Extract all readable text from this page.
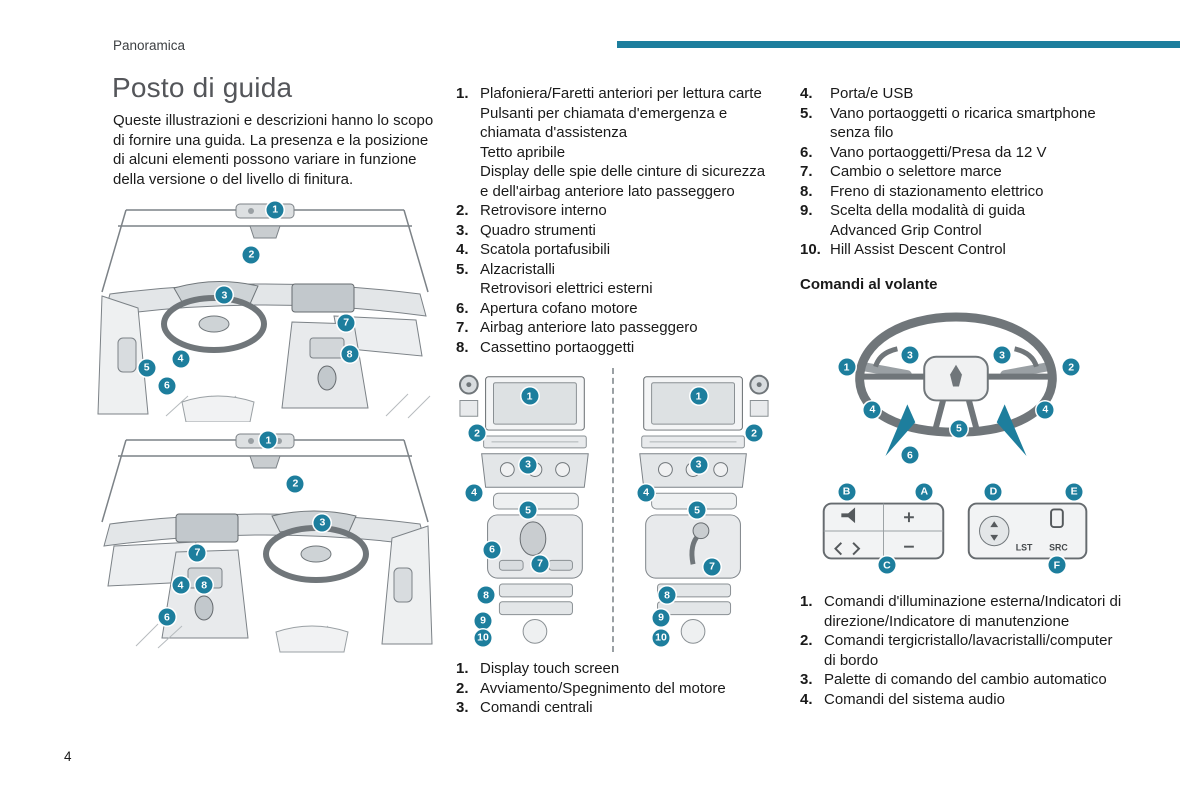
Panoramica
Posto di guida

Queste illustrazioni e descrizioni hanno lo scopo di fornire una guida. La presenza e la posizione di alcuni elementi possono variare in funzione della versione o del livello di finitura.

1
2
3
7
8
4
5
6
1
2
3
7
4	8
6
1. Plafoniera/Faretti anteriori per lettura carte
Pulsanti per chiamata d'emergenza e chiamata d'assistenza
Tetto apribile
Display delle spie delle cinture di sicurezza e dell'airbag anteriore lato passeggero
2. Retrovisore interno
3. Quadro strumenti
4. Scatola portafusibili
5. Alzacristalli
Retrovisori elettrici esterni
6. Apertura cofano motore
7. Airbag anteriore lato passeggero
8. Cassettino portaoggetti
1
2
3
4
5
6
7
8
9
10
1
2
3
4
5
7
8
9
10
1. Display touch screen
2. Avviamento/Spegnimento del motore
3. Comandi centrali
4.	Porta/e USB
5.	Vano portaoggetti o ricarica smartphone senza filo
6.	Vano portaoggetti/Presa da 12 V
7.	Cambio o selettore marce
8.	Freno di stazionamento elettrico
9.	Scelta della modalità di guida
Advanced Grip Control
10. Hill Assist Descent Control
Comandi al volante
1
3	3
2
4	4
5
6
LST SRC
B	A
C
D	E
F
1. Comandi d'illuminazione esterna/Indicatori di direzione/Indicatore di manutenzione
2. Comandi tergicristallo/lavacristalli/computer di bordo
3. Palette di comando del cambio automatico
4. Comandi del sistema audio
4
